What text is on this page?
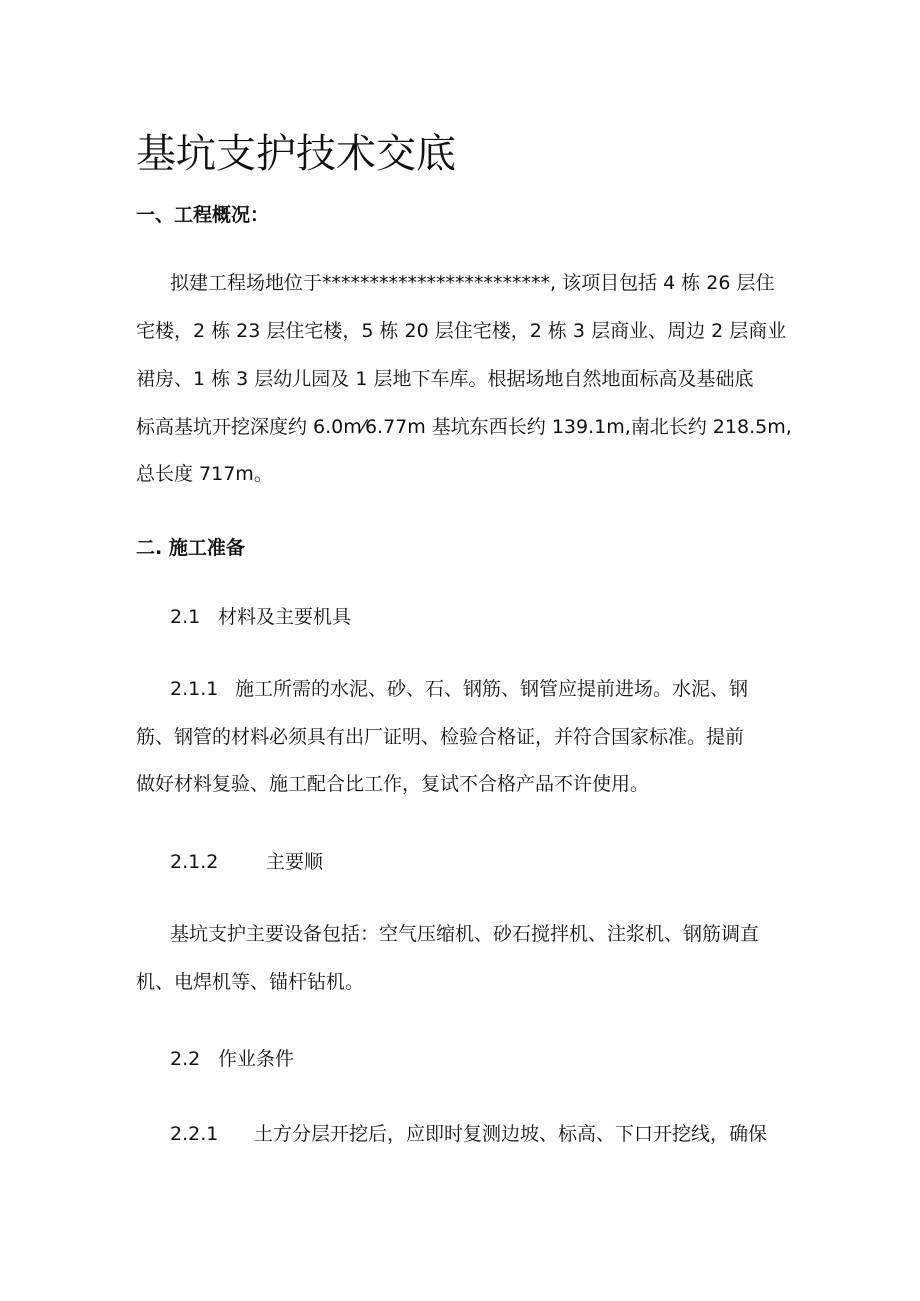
基坑支护技术交底
一、工程概况：
拟建工程场地位于************************, 该项目包括 4 栋 26 层住
宅楼，2 栋 23 层住宅楼，5 栋 20 层住宅楼，2 栋 3 层商业、周边 2 层商业
裙房、1 栋 3 层幼儿园及 1 层地下车库。根据场地自然地面标高及基础底
标高基坑开挖深度约 6.0m⁄6.77m 基坑东西长约 139.1m,南北长约 218.5m,
总长度 717m。
二. 施工准备
2.1 材料及主要机具
2.1.1 施工所需的水泥、砂、石、钢筋、钢管应提前进场。水泥、钢
筋、钢管的材料必须具有出厂证明、检验合格证，并符合国家标准。提前
做好材料复验、施工配合比工作，复试不合格产品不许使用。
2.1.2	主要顺
基坑支护主要设备包括：空气压缩机、砂石搅拌机、注浆机、钢筋调直
机、电焊机等、锚杆钻机。
2.2 作业条件
2.2.1 土方分层开挖后，应即时复测边坡、标高、下口开挖线，确保
